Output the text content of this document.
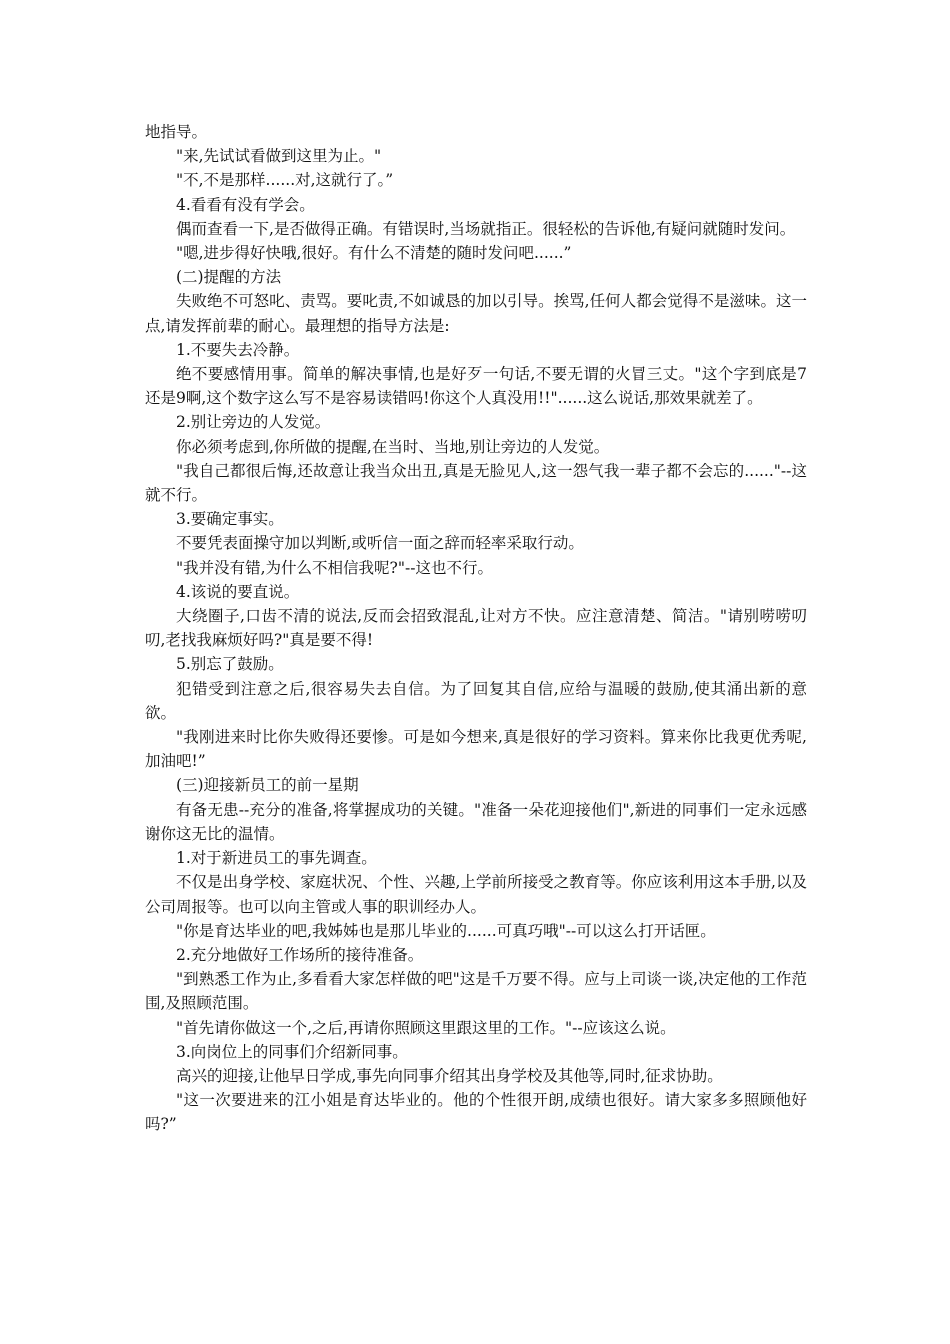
地指导。

"来,先试试看做到这里为止。"

"不,不是那样......对,这就行了。”

4.看看有没有学会。

偶而查看一下,是否做得正确。有错误时,当场就指正。很轻松的告诉他,有疑问就随时发问。

"嗯,进步得好快哦,很好。有什么不清楚的随时发问吧......”

(二)提醒的方法

失败绝不可怒叱、责骂。要叱责,不如诚恳的加以引导。挨骂,任何人都会觉得不是滋味。这一点,请发挥前辈的耐心。最理想的指导方法是:

1.不要失去冷静。

绝不要感情用事。简单的解决事情,也是好歹一句话,不要无谓的火冒三丈。"这个字到底是7还是9啊,这个数字这么写不是容易读错吗!你这个人真没用!!"......这么说话,那效果就差了。

2.别让旁边的人发觉。

你必须考虑到,你所做的提醒,在当时、当地,别让旁边的人发觉。

"我自己都很后悔,还故意让我当众出丑,真是无脸见人,这一怨气我一辈子都不会忘的......"--这就不行。

3.要确定事实。

不要凭表面操守加以判断,或听信一面之辞而轻率采取行动。

"我并没有错,为什么不相信我呢?"--这也不行。

4.该说的要直说。

大绕圈子,口齿不清的说法,反而会招致混乱,让对方不快。应注意清楚、简洁。"请别唠唠叨叨,老找我麻烦好吗?"真是要不得!

5.别忘了鼓励。

犯错受到注意之后,很容易失去自信。为了回复其自信,应给与温暖的鼓励,使其涌出新的意欲。

"我刚进来时比你失败得还要惨。可是如今想来,真是很好的学习资料。算来你比我更优秀呢,加油吧!”

(三)迎接新员工的前一星期

有备无患--充分的准备,将掌握成功的关键。"准备一朵花迎接他们",新进的同事们一定永远感谢你这无比的温情。

1.对于新进员工的事先调查。

不仅是出身学校、家庭状况、个性、兴趣,上学前所接受之教育等。你应该利用这本手册,以及公司周报等。也可以向主管或人事的职训经办人。

"你是育达毕业的吧,我姊姊也是那儿毕业的......可真巧哦"--可以这么打开话匣。

2.充分地做好工作场所的接待准备。

"到熟悉工作为止,多看看大家怎样做的吧"这是千万要不得。应与上司谈一谈,决定他的工作范围,及照顾范围。

"首先请你做这一个,之后,再请你照顾这里跟这里的工作。"--应该这么说。

3.向岗位上的同事们介绍新同事。

高兴的迎接,让他早日学成,事先向同事介绍其出身学校及其他等,同时,征求协助。

"这一次要进来的江小姐是育达毕业的。他的个性很开朗,成绩也很好。请大家多多照顾他好吗?”
